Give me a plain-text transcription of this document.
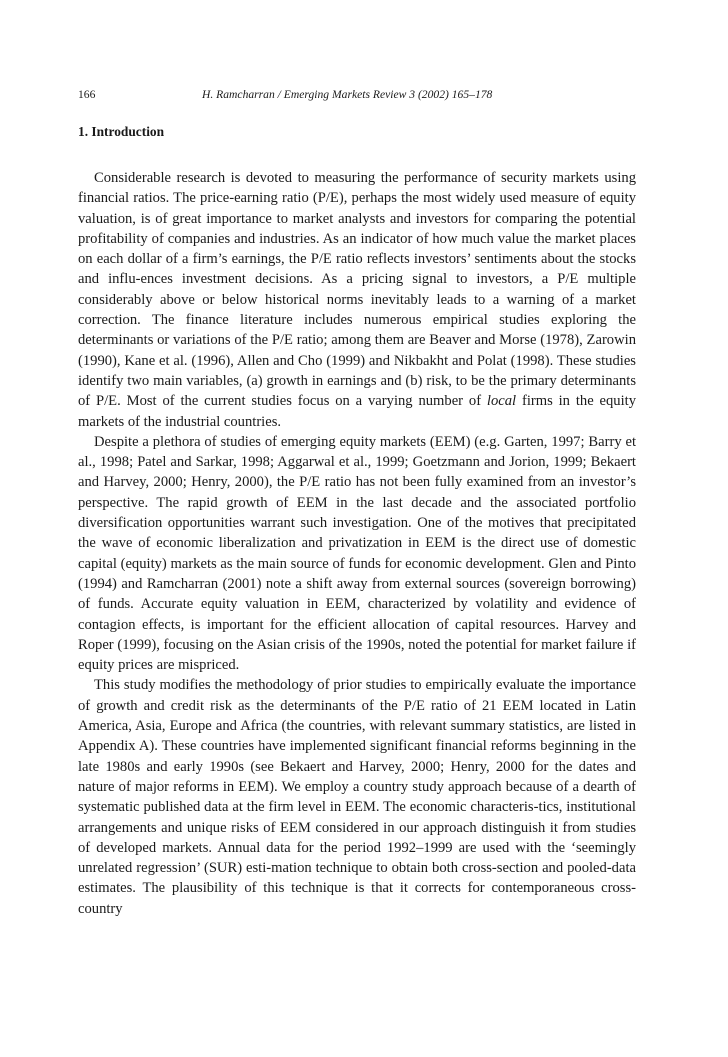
166	H. Ramcharran / Emerging Markets Review 3 (2002) 165–178
1. Introduction

Considerable research is devoted to measuring the performance of security markets using financial ratios. The price-earning ratio (P/E), perhaps the most widely used measure of equity valuation, is of great importance to market analysts and investors for comparing the potential profitability of companies and industries. As an indicator of how much value the market places on each dollar of a firm’s earnings, the P/E ratio reflects investors’ sentiments about the stocks and influ-ences investment decisions. As a pricing signal to investors, a P/E multiple considerably above or below historical norms inevitably leads to a warning of a market correction. The finance literature includes numerous empirical studies exploring the determinants or variations of the P/E ratio; among them are Beaver and Morse (1978), Zarowin (1990), Kane et al. (1996), Allen and Cho (1999) and Nikbakht and Polat (1998). These studies identify two main variables, (a) growth in earnings and (b) risk, to be the primary determinants of P/E. Most of the current studies focus on a varying number of local firms in the equity markets of the industrial countries.

Despite a plethora of studies of emerging equity markets (EEM) (e.g. Garten, 1997; Barry et al., 1998; Patel and Sarkar, 1998; Aggarwal et al., 1999; Goetzmann and Jorion, 1999; Bekaert and Harvey, 2000; Henry, 2000), the P/E ratio has not been fully examined from an investor’s perspective. The rapid growth of EEM in the last decade and the associated portfolio diversification opportunities warrant such investigation. One of the motives that precipitated the wave of economic liberalization and privatization in EEM is the direct use of domestic capital (equity) markets as the main source of funds for economic development. Glen and Pinto (1994) and Ramcharran (2001) note a shift away from external sources (sovereign borrowing) of funds. Accurate equity valuation in EEM, characterized by volatility and evidence of contagion effects, is important for the efficient allocation of capital resources. Harvey and Roper (1999), focusing on the Asian crisis of the 1990s, noted the potential for market failure if equity prices are mispriced.

This study modifies the methodology of prior studies to empirically evaluate the importance of growth and credit risk as the determinants of the P/E ratio of 21 EEM located in Latin America, Asia, Europe and Africa (the countries, with relevant summary statistics, are listed in Appendix A). These countries have implemented significant financial reforms beginning in the late 1980s and early 1990s (see Bekaert and Harvey, 2000; Henry, 2000 for the dates and nature of major reforms in EEM). We employ a country study approach because of a dearth of systematic published data at the firm level in EEM. The economic characteris-tics, institutional arrangements and unique risks of EEM considered in our approach distinguish it from studies of developed markets. Annual data for the period 1992–1999 are used with the ‘seemingly unrelated regression’ (SUR) esti-mation technique to obtain both cross-section and pooled-data estimates. The plausibility of this technique is that it corrects for contemporaneous cross-country
